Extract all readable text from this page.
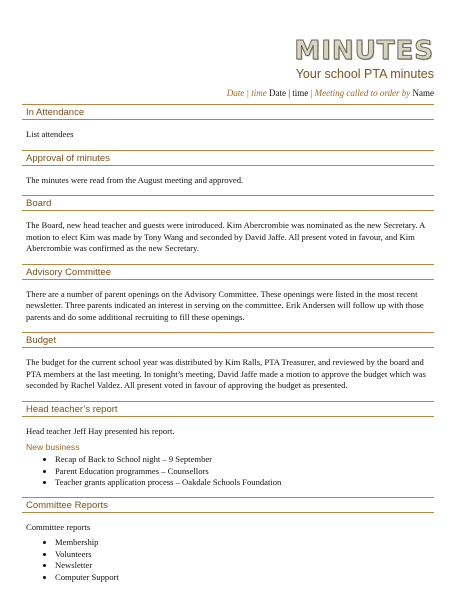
MINUTES
Your school PTA minutes
Date | time Date | time | Meeting called to order by Name
In Attendance

List attendees

Approval of minutes

The minutes were read from the August meeting and approved.

Board

The Board, new head teacher and guests were introduced. Kim Abercrombie was nominated as the new Secretary. A motion to elect Kim was made by Tony Wang and seconded by David Jaffe. All present voted in favour, and Kim Abercrombie was confirmed as the new Secretary.

Advisory Committee

There are a number of parent openings on the Advisory Committee. These openings were listed in the most recent newsletter. Three parents indicated an interest in serving on the committee. Erik Andersen will follow up with those parents and do some additional recruiting to fill these openings.

Budget

The budget for the current school year was distributed by Kim Ralls, PTA Treasurer, and reviewed by the board and PTA members at the last meeting. In tonight’s meeting, David Jaffe made a motion to approve the budget which was seconded by Rachel Valdez. All present voted in favour of approving the budget as presented.

Head teacher’s report

Head teacher Jeff Hay presented his report.

New business
• Recap of Back to School night – 9 September
• Parent Education programmes – Counsellors
• Teacher grants application process – Oakdale Schools Foundation
Committee Reports

Committee reports

• Membership
• Volunteers
• Newsletter
• Computer Support
